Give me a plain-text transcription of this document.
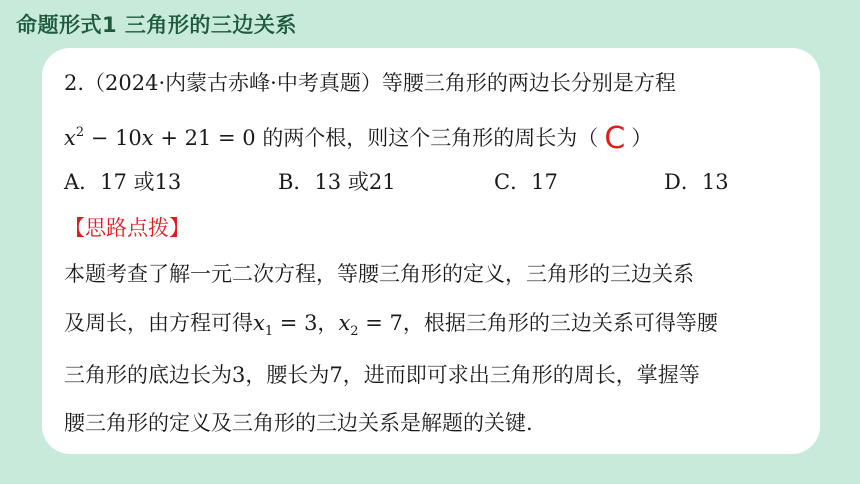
命题形式1 三角形的三边关系
2.（2024·内蒙古赤峰·中考真题）等腰三角形的两边长分别是方程
$x^2 - 10x + 21 = 0$ 的两个根，则这个三角形的周长为（ C ）
A．17 或13	B．13 或21	C．17	D．13
【思路点拨】
本题考查了解一元二次方程，等腰三角形的定义，三角形的三边关系
及周长，由方程可得$x_1 = 3$，$x_2 = 7$，根据三角形的三边关系可得等腰
三角形的底边长为3，腰长为7，进而即可求出三角形的周长，掌握等
腰三角形的定义及三角形的三边关系是解题的关键.
